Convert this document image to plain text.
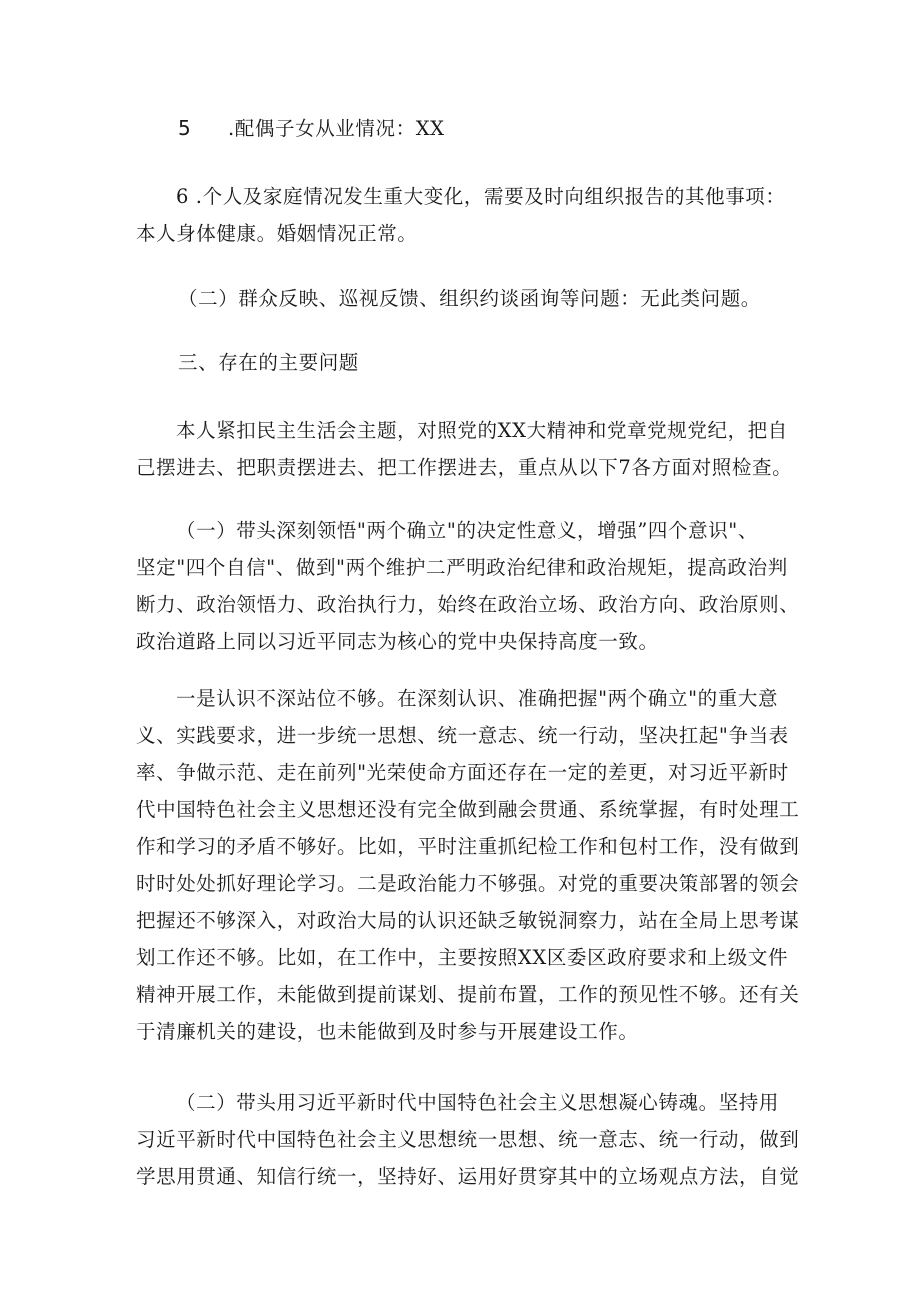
5 .配偶子女从业情况：XX

6 .个人及家庭情况发生重大变化，需要及时向组织报告的其他事项：
本人身体健康。婚姻情况正常。

（二）群众反映、巡视反馈、组织约谈函询等问题：无此类问题。

三、存在的主要问题

本人紧扣民主生活会主题，对照党的XX大精神和党章党规党纪，把自
己摆进去、把职责摆进去、把工作摆进去，重点从以下7各方面对照检查。

（一）带头深刻领悟"两个确立"的决定性意义，增强”四个意识"、
坚定"四个自信"、做到"两个维护二严明政治纪律和政治规矩，提高政治判
断力、政治领悟力、政治执行力，始终在政治立场、政治方向、政治原则、
政治道路上同以习近平同志为核心的党中央保持高度一致。

一是认识不深站位不够。在深刻认识、准确把握"两个确立"的重大意
义、实践要求，进一步统一思想、统一意志、统一行动，坚决扛起"争当表
率、争做示范、走在前列"光荣使命方面还存在一定的差更，对习近平新时
代中国特色社会主义思想还没有完全做到融会贯通、系统掌握，有时处理工
作和学习的矛盾不够好。比如，平时注重抓纪检工作和包村工作，没有做到
时时处处抓好理论学习。二是政治能力不够强。对党的重要决策部署的领会
把握还不够深入，对政治大局的认识还缺乏敏锐洞察力，站在全局上思考谋
划工作还不够。比如，在工作中，主要按照XX区委区政府要求和上级文件
精神开展工作，未能做到提前谋划、提前布置，工作的预见性不够。还有关
于清廉机关的建设，也未能做到及时参与开展建设工作。

（二）带头用习近平新时代中国特色社会主义思想凝心铸魂。坚持用
习近平新时代中国特色社会主义思想统一思想、统一意志、统一行动，做到
学思用贯通、知信行统一，坚持好、运用好贯穿其中的立场观点方法，自觉
